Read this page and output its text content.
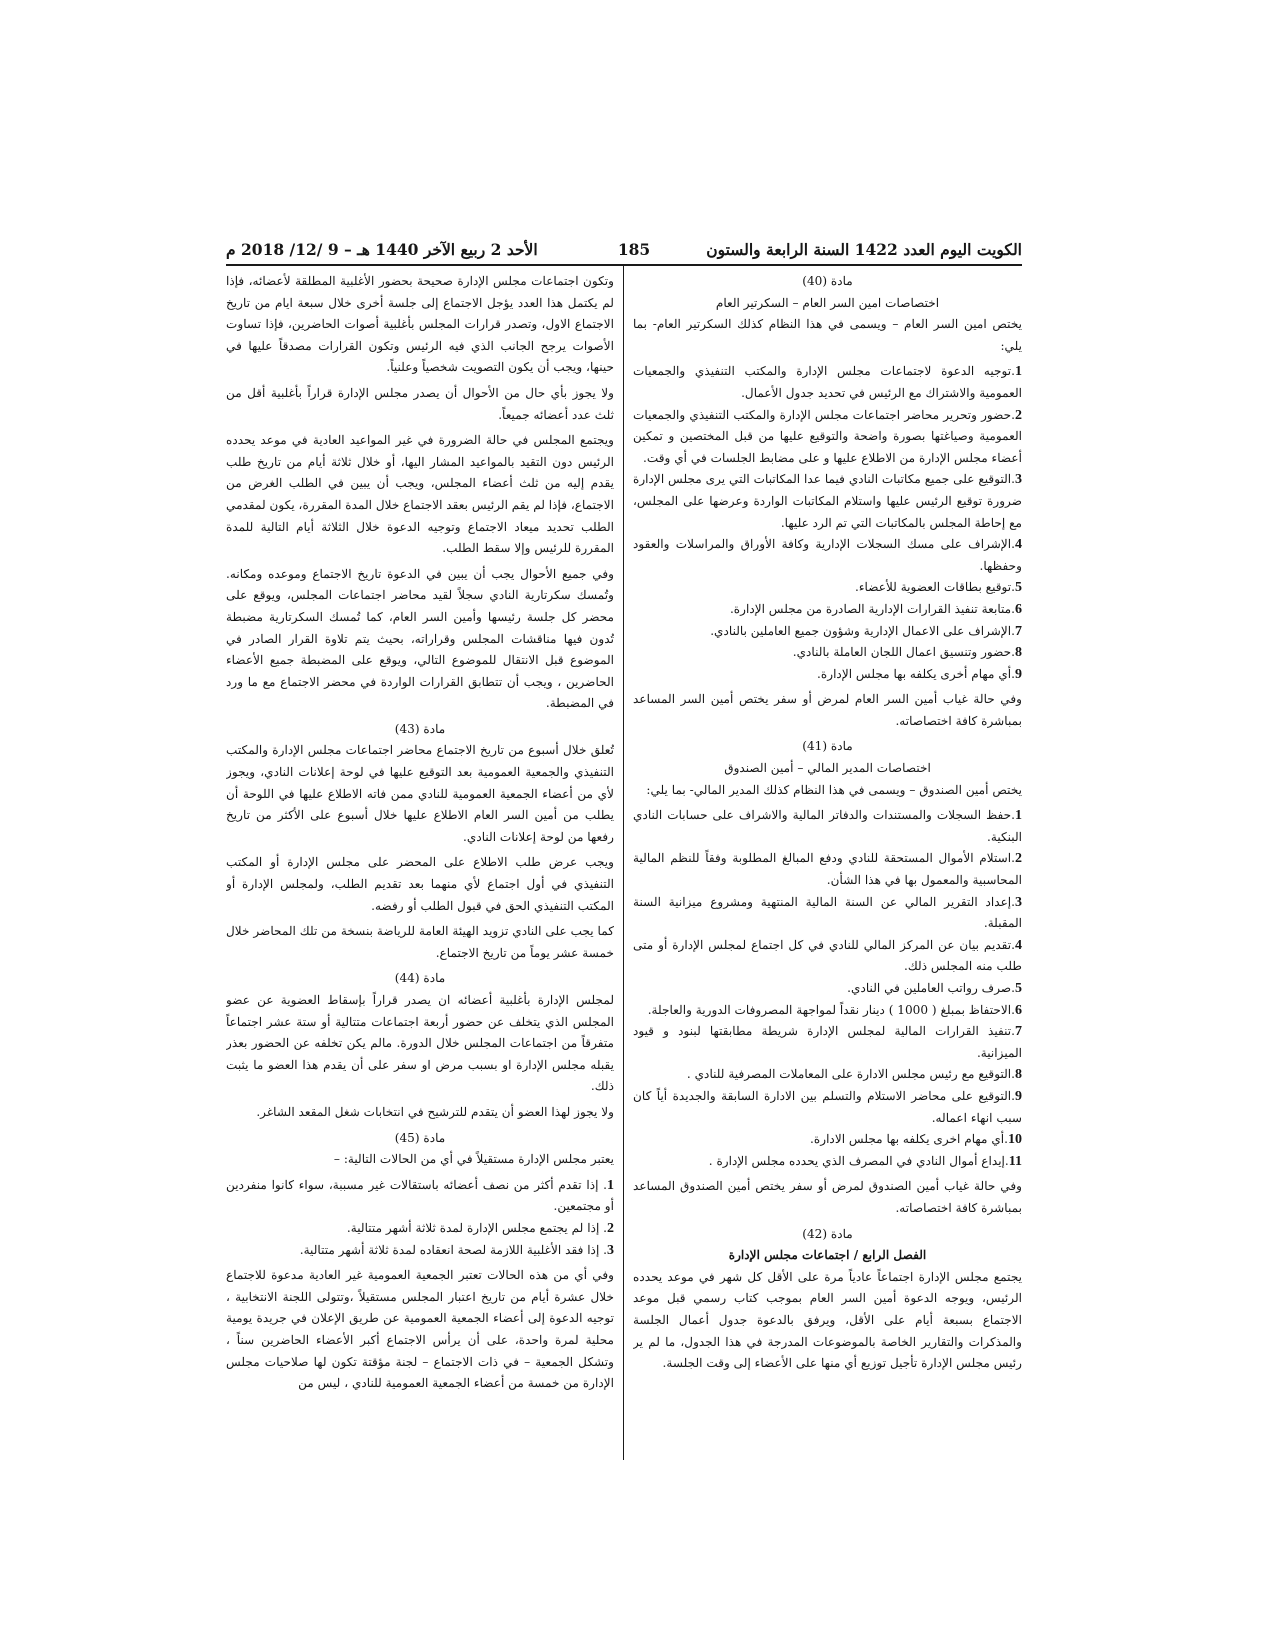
الكويت اليوم العدد 1422 السنة الرابعة والستون
185
الأحد 2 ربيع الآخر 1440 هـ – 9 /12/ 2018 م

مادة (40)

اختصاصات امين السر العام – السكرتير العام

يختص امين السر العام – ويسمى في هذا النظام كذلك السكرتير العام- بما يلي:

1.توجيه الدعوة لاجتماعات مجلس الإدارة والمكتب التنفيذي والجمعيات العمومية والاشتراك مع الرئيس في تحديد جدول الأعمال.
2.حضور وتحرير محاضر اجتماعات مجلس الإدارة والمكتب التنفيذي والجمعيات العمومية وصياغتها بصورة واضحة والتوقيع عليها من قبل المختصين و تمكين أعضاء مجلس الإدارة من الاطلاع عليها و على مضابط الجلسات في أي وقت.
3.التوقيع على جميع مكاتبات النادي فيما عدا المكاتبات التي يرى مجلس الإدارة ضرورة توقيع الرئيس عليها واستلام المكاتبات الواردة وعرضها على المجلس، مع إحاطة المجلس بالمكاتبات التي تم الرد عليها.
4.الإشراف على مسك السجلات الإدارية وكافة الأوراق والمراسلات والعقود وحفظها.
5.توقيع بطاقات العضوية للأعضاء.
6.متابعة تنفيذ القرارات الإدارية الصادرة من مجلس الإدارة.
7.الإشراف على الاعمال الإدارية وشؤون جميع العاملين بالنادي.
8.حضور وتنسيق اعمال اللجان العاملة بالنادي.
9.أي مهام أخرى يكلفه بها مجلس الإدارة.

وفي حالة غياب أمين السر العام لمرض أو سفر يختص أمين السر المساعد بمباشرة كافة اختصاصاته.

مادة (41)

اختصاصات المدير المالي – أمين الصندوق

يختص أمين الصندوق – ويسمى في هذا النظام كذلك المدير المالي- بما يلي:

1.حفظ السجلات والمستندات والدفاتر المالية والاشراف على حسابات النادي البنكية.
2.استلام الأموال المستحقة للنادي ودفع المبالغ المطلوبة وفقاً للنظم المالية المحاسبية والمعمول بها في هذا الشأن.
3.إعداد التقرير المالي عن السنة المالية المنتهية ومشروع ميزانية السنة المقبلة.
4.تقديم بيان عن المركز المالي للنادي في كل اجتماع لمجلس الإدارة أو متى طلب منه المجلس ذلك.
5.صرف رواتب العاملين في النادي.
6.الاحتفاظ بمبلغ ( 1000 ) دينار نقداً لمواجهة المصروفات الدورية والعاجلة.
7.تنفيذ القرارات المالية لمجلس الإدارة شريطة مطابقتها لبنود و قيود الميزانية.
8.التوقيع مع رئيس مجلس الادارة على المعاملات المصرفية للنادي .
9.التوقيع على محاضر الاستلام والتسلم بين الادارة السابقة والجديدة أياً كان سبب انهاء اعماله.
10.أي مهام اخرى يكلفه بها مجلس الادارة.
11.إيداع أموال النادي في المصرف الذي يحدده مجلس الإدارة .

وفي حالة غياب أمين الصندوق لمرض أو سفر يختص أمين الصندوق المساعد بمباشرة كافة اختصاصاته.

مادة (42)

الفصل الرابع / اجتماعات مجلس الإدارة

يجتمع مجلس الإدارة اجتماعاً عادياً مرة على الأقل كل شهر في موعد يحدده الرئيس، ويوجه الدعوة أمين السر العام بموجب كتاب رسمي قبل موعد الاجتماع بسبعة أيام على الأقل، ويرفق بالدعوة جدول أعمال الجلسة والمذكرات والتقارير الخاصة بالموضوعات المدرجة في هذا الجدول، ما لم ير رئيس مجلس الإدارة تأجيل توزيع أي منها على الأعضاء إلى وقت الجلسة.

وتكون اجتماعات مجلس الإدارة صحيحة بحضور الأغلبية المطلقة لأعضائه، فإذا لم يكتمل هذا العدد يؤجل الاجتماع إلى جلسة أخرى خلال سبعة ايام من تاريخ الاجتماع الاول، وتصدر قرارات المجلس بأغلبية أصوات الحاضرين، فإذا تساوت الأصوات يرجح الجانب الذي فيه الرئيس وتكون القرارات مصدقاً عليها في حينها، ويجب أن يكون التصويت شخصياً وعلنياً.

ولا يجوز بأي حال من الأحوال أن يصدر مجلس الإدارة قراراً بأغلبية أقل من ثلث عدد أعضائه جميعاً.

ويجتمع المجلس في حالة الضرورة في غير المواعيد العادية في موعد يحدده الرئيس دون التقيد بالمواعيد المشار اليها، أو خلال ثلاثة أيام من تاريخ طلب يقدم إليه من ثلث أعضاء المجلس، ويجب أن يبين في الطلب الغرض من الاجتماع، فإذا لم يقم الرئيس بعقد الاجتماع خلال المدة المقررة، يكون لمقدمي الطلب تحديد ميعاد الاجتماع وتوجيه الدعوة خلال الثلاثة أيام التالية للمدة المقررة للرئيس وإلا سقط الطلب.

وفي جميع الأحوال يجب أن يبين في الدعوة تاريخ الاجتماع وموعده ومكانه. وتُمسك سكرتارية النادي سجلاً لقيد محاضر اجتماعات المجلس، ويوقع على محضر كل جلسة رئيسها وأمين السر العام، كما تُمسك السكرتارية مضبطة تُدون فيها مناقشات المجلس وقراراته، بحيث يتم تلاوة القرار الصادر في الموضوع قبل الانتقال للموضوع التالي، ويوقع على المضبطة جميع الأعضاء الحاضرين ، ويجب أن تتطابق القرارات الواردة في محضر الاجتماع مع ما ورد في المضبطة.

مادة (43)

تُعلق خلال أسبوع من تاريخ الاجتماع محاضر اجتماعات مجلس الإدارة والمكتب التنفيذي والجمعية العمومية بعد التوقيع عليها في لوحة إعلانات النادي، ويجوز لأي من أعضاء الجمعية العمومية للنادي ممن فاته الاطلاع عليها في اللوحة أن يطلب من أمين السر العام الاطلاع عليها خلال أسبوع على الأكثر من تاريخ رفعها من لوحة إعلانات النادي.

ويجب عرض طلب الاطلاع على المحضر على مجلس الإدارة أو المكتب التنفيذي في أول اجتماع لأي منهما بعد تقديم الطلب، ولمجلس الإدارة أو المكتب التنفيذي الحق في قبول الطلب أو رفضه.

كما يجب على النادي تزويد الهيئة العامة للرياضة بنسخة من تلك المحاضر خلال خمسة عشر يوماً من تاريخ الاجتماع.

مادة (44)

لمجلس الإدارة بأغلبية أعضائه ان يصدر قراراً بإسقاط العضوية عن عضو المجلس الذي يتخلف عن حضور أربعة اجتماعات متتالية أو ستة عشر اجتماعاً متفرقاً من اجتماعات المجلس خلال الدورة. مالم يكن تخلفه عن الحضور بعذر يقبله مجلس الإدارة او بسبب مرض او سفر على أن يقدم هذا العضو ما يثبت ذلك.

ولا يجوز لهذا العضو أن يتقدم للترشيح في انتخابات شغل المقعد الشاغر.

مادة (45)

يعتبر مجلس الإدارة مستقيلاً في أي من الحالات التالية: –

1. إذا تقدم أكثر من نصف أعضائه باستقالات غير مسببة، سواء كانوا منفردين أو مجتمعين.
2. إذا لم يجتمع مجلس الإدارة لمدة ثلاثة أشهر متتالية.
3. إذا فقد الأغلبية اللازمة لصحة انعقاده لمدة ثلاثة أشهر متتالية.

وفي أي من هذه الحالات تعتبر الجمعية العمومية غير العادية مدعوة للاجتماع خلال عشرة أيام من تاريخ اعتبار المجلس مستقيلاً ،وتتولى اللجنة الانتخابية ، توجيه الدعوة إلى أعضاء الجمعية العمومية عن طريق الإعلان في جريدة يومية محلية لمرة واحدة، على أن يرأس الاجتماع أكبر الأعضاء الحاضرين سناً ، وتشكل الجمعية – في ذات الاجتماع – لجنة مؤقتة تكون لها صلاحيات مجلس الإدارة من خمسة من أعضاء الجمعية العمومية للنادي ، ليس من
